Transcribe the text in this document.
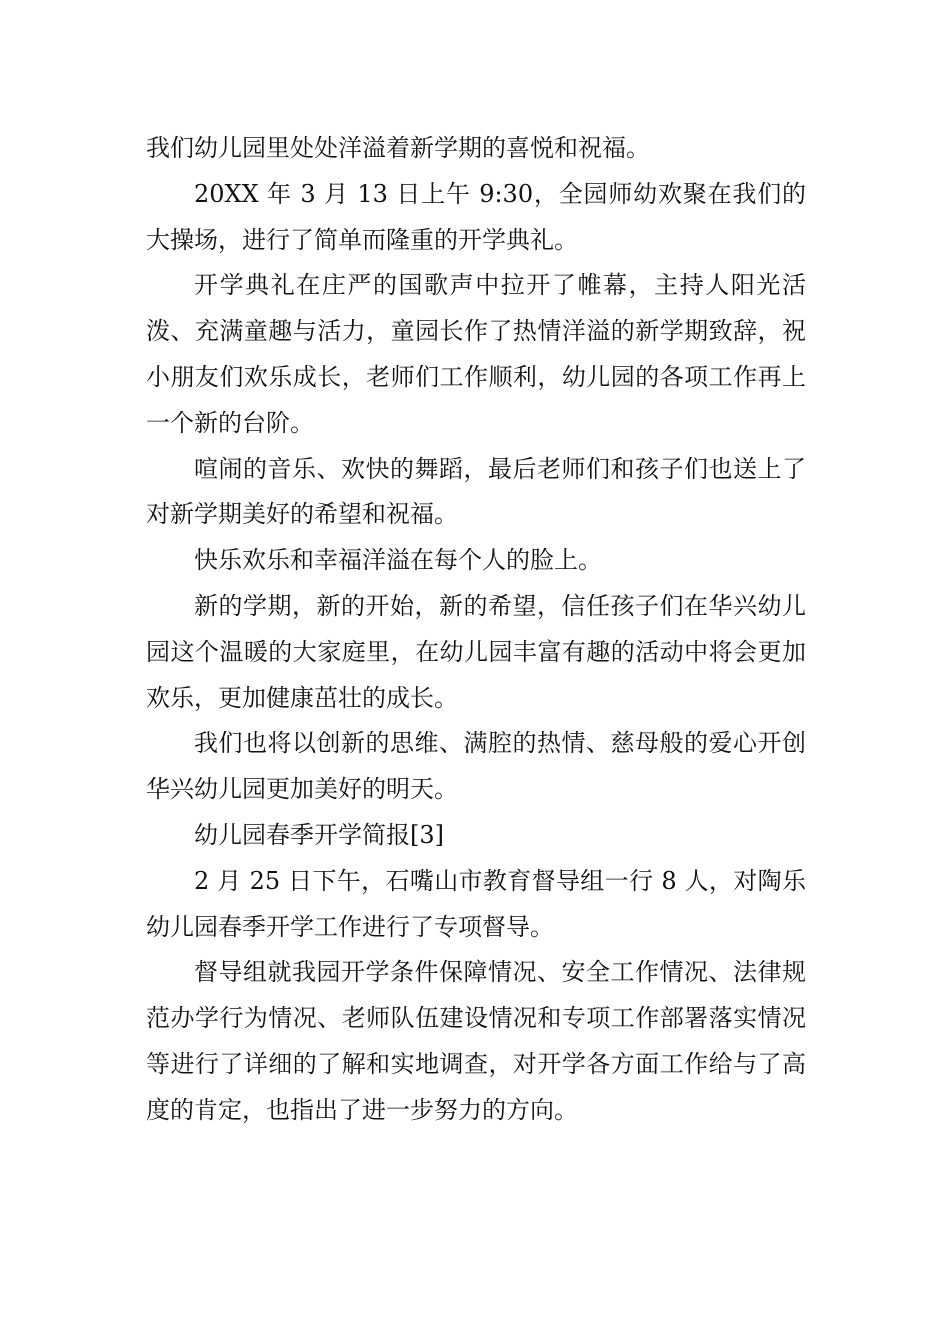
我们幼儿园里处处洋溢着新学期的喜悦和祝福。

20XX 年 3 月 13 日上午 9:30，全园师幼欢聚在我们的大操场，进行了简单而隆重的开学典礼。

开学典礼在庄严的国歌声中拉开了帷幕，主持人阳光活泼、充满童趣与活力，童园长作了热情洋溢的新学期致辞，祝小朋友们欢乐成长，老师们工作顺利，幼儿园的各项工作再上一个新的台阶。

喧闹的音乐、欢快的舞蹈，最后老师们和孩子们也送上了对新学期美好的希望和祝福。

快乐欢乐和幸福洋溢在每个人的脸上。

新的学期，新的开始，新的希望，信任孩子们在华兴幼儿园这个温暖的大家庭里，在幼儿园丰富有趣的活动中将会更加欢乐，更加健康茁壮的成长。

我们也将以创新的思维、满腔的热情、慈母般的爱心开创华兴幼儿园更加美好的明天。

幼儿园春季开学简报[3]

2 月 25 日下午，石嘴山市教育督导组一行 8 人，对陶乐幼儿园春季开学工作进行了专项督导。

督导组就我园开学条件保障情况、安全工作情况、法律规范办学行为情况、老师队伍建设情况和专项工作部署落实情况等进行了详细的了解和实地调查，对开学各方面工作给与了高度的肯定，也指出了进一步努力的方向。
